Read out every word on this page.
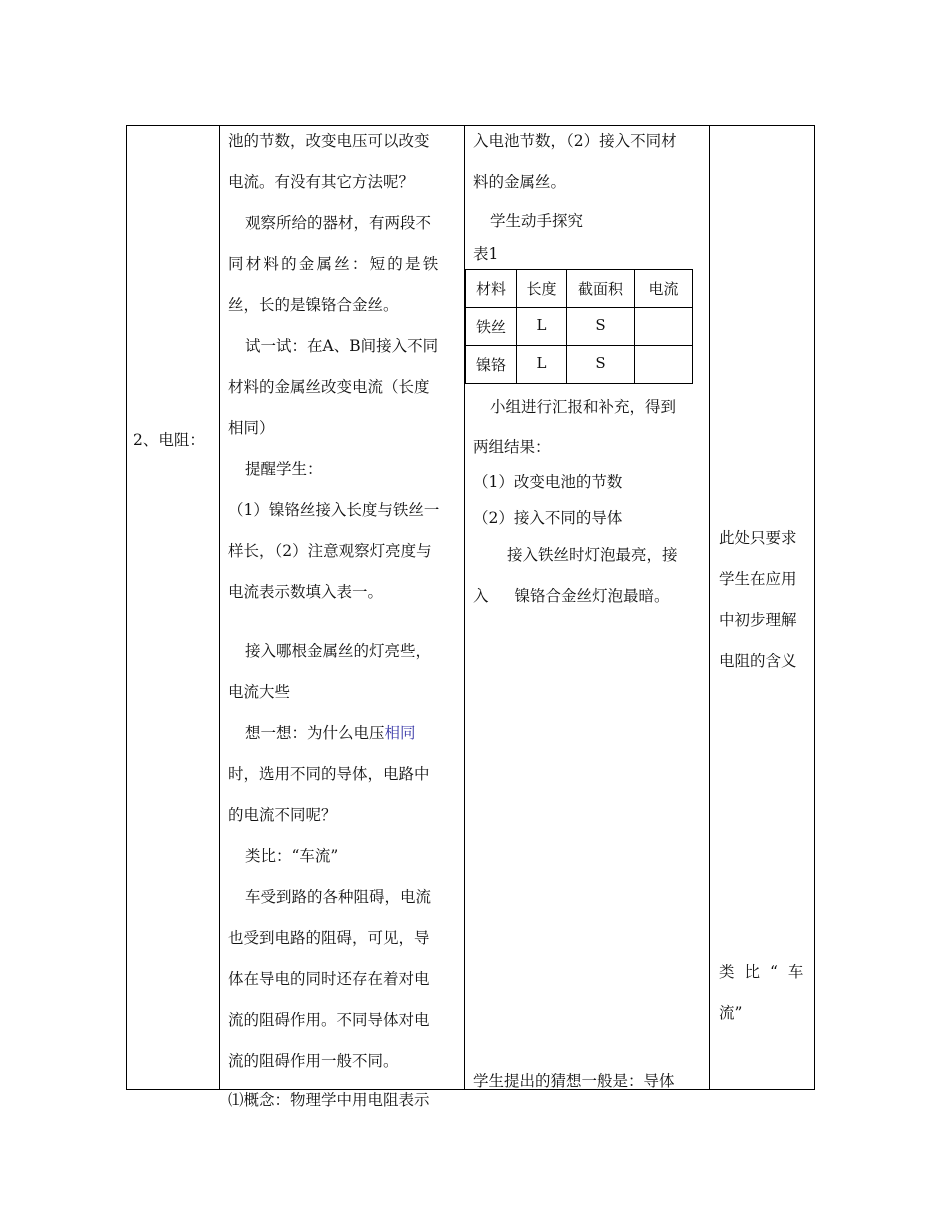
2、电阻：
池的节数，改变电压可以改变
电流。有没有其它方法呢？
观察所给的器材，有两段不
同材料的金属丝：短的是铁
丝，长的是镍铬合金丝。
试一试：在A、B间接入不同
材料的金属丝改变电流（长度
相同）
提醒学生：
（1）镍铬丝接入长度与铁丝一
样长，（2）注意观察灯亮度与
电流表示数填入表一。
接入哪根金属丝的灯亮些，
电流大些
想一想：为什么电压相同
时，选用不同的导体，电路中
的电流不同呢？
类比：“车流”
车受到路的各种阻碍，电流
也受到电路的阻碍，可见，导
体在导电的同时还存在着对电
流的阻碍作用。不同导体对电
流的阻碍作用一般不同。
⑴概念：物理学中用电阻表示
入电池节数，（2）接入不同材
料的金属丝。
学生动手探究
表1
材料	长度	截面积	电流

铁丝	L	S	

镍铬	L	S	

小组进行汇报和补充，得到
两组结果：
（1）改变电池的节数
（2）接入不同的导体
接入铁丝时灯泡最亮，接
入 镍铬合金丝灯泡最暗。
学生提出的猜想一般是：导体
此处只要求
学生在应用
中初步理解
电阻的含义
类比“车
流”
